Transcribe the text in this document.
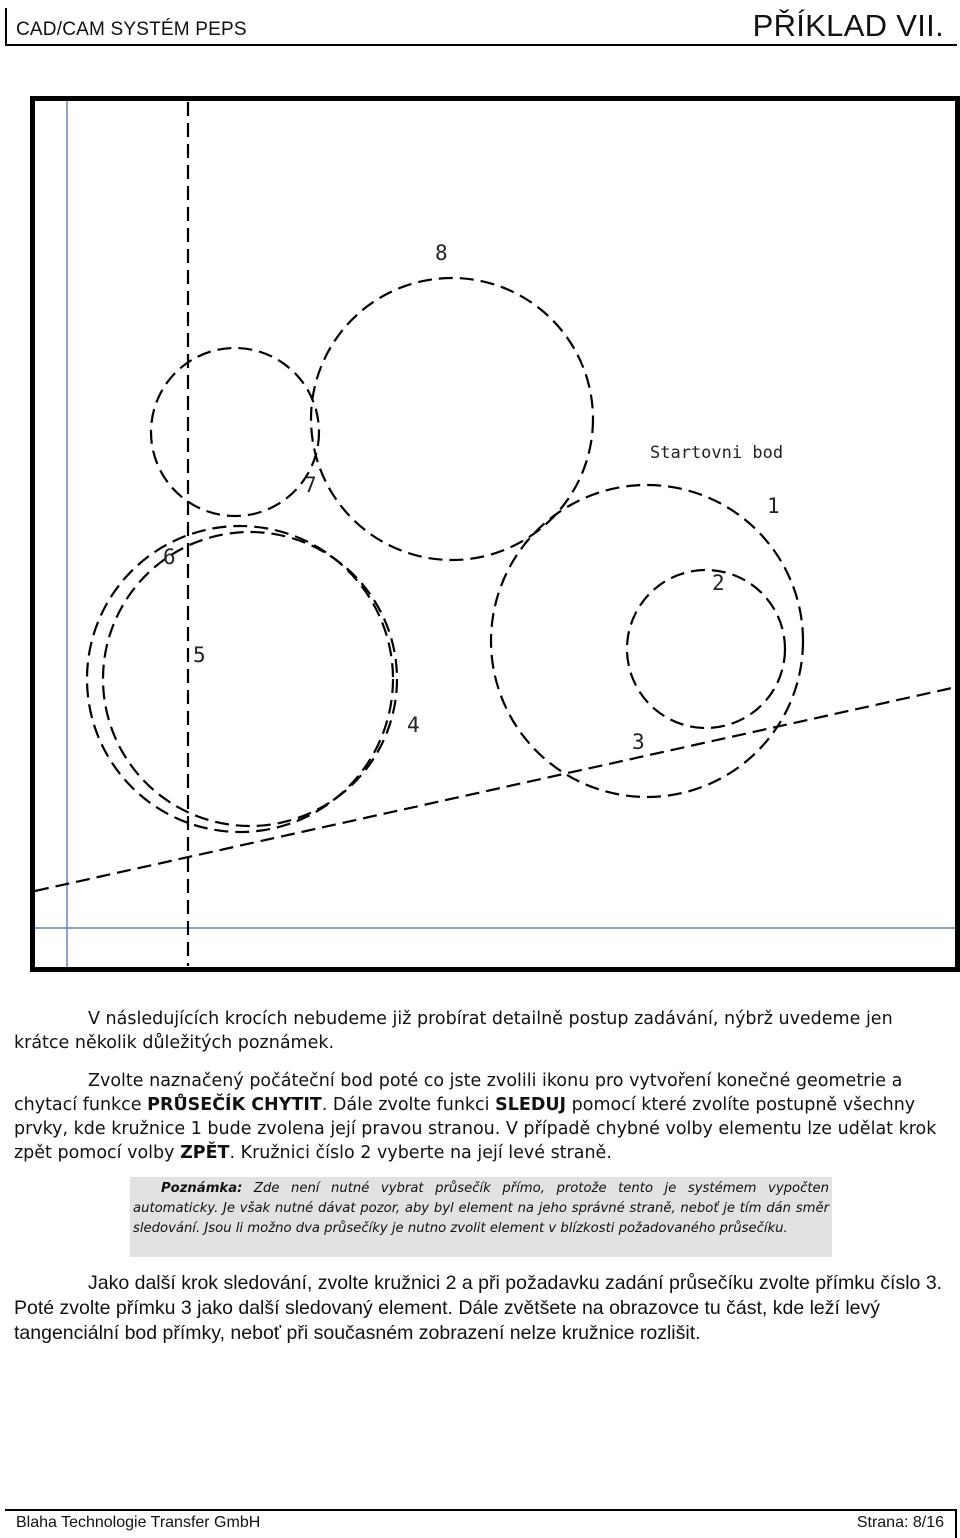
CAD/CAM SYSTÉM PEPS	PŘÍKLAD VII.
8
Startovni bod
1
2
3
4
5
6
7
V následujících krocích nebudeme již probírat detailně postup zadávání, nýbrž uvedeme jen krátce několik důležitých poznámek.
Zvolte naznačený počáteční bod poté co jste zvolili ikonu pro vytvoření konečné geometrie a chytací funkce PRŮSEČÍK CHYTIT. Dále zvolte funkci SLEDUJ pomocí které zvolíte postupně všechny prvky, kde kružnice 1 bude zvolena její pravou stranou. V případě chybné volby elementu lze udělat krok zpět pomocí volby ZPĚT. Kružnici číslo 2 vyberte na její levé straně.
Poznámka: Zde není nutné vybrat průsečík přímo, protože tento je systémem vypočten automaticky. Je však nutné dávat pozor, aby byl element na jeho správné straně, neboť je tím dán směr sledování. Jsou li možno dva průsečíky je nutno zvolit element v blízkosti požadovaného průsečíku.
Jako další krok sledování, zvolte kružnici 2 a při požadavku zadání průsečíku zvolte přímku číslo 3. Poté zvolte přímku 3 jako další sledovaný element. Dále zvětšete na obrazovce tu část, kde leží levý tangenciální bod přímky, neboť při současném zobrazení nelze kružnice rozlišit.
Blaha Technologie Transfer GmbH	Strana: 8/16
